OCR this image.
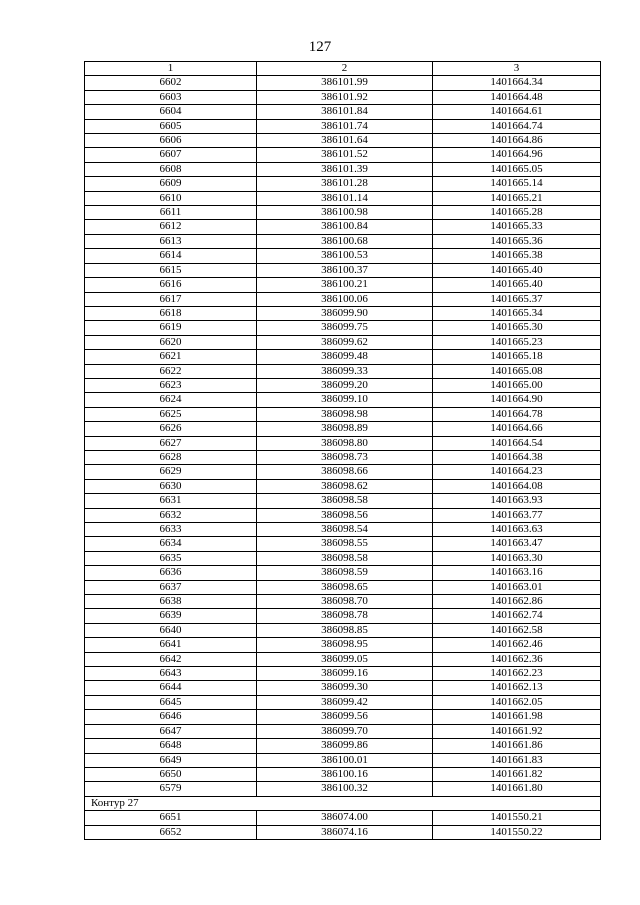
127
1	2	3
6602	386101.99	1401664.34
6603	386101.92	1401664.48
6604	386101.84	1401664.61
6605	386101.74	1401664.74
6606	386101.64	1401664.86
6607	386101.52	1401664.96
6608	386101.39	1401665.05
6609	386101.28	1401665.14
6610	386101.14	1401665.21
6611	386100.98	1401665.28
6612	386100.84	1401665.33
6613	386100.68	1401665.36
6614	386100.53	1401665.38
6615	386100.37	1401665.40
6616	386100.21	1401665.40
6617	386100.06	1401665.37
6618	386099.90	1401665.34
6619	386099.75	1401665.30
6620	386099.62	1401665.23
6621	386099.48	1401665.18
6622	386099.33	1401665.08
6623	386099.20	1401665.00
6624	386099.10	1401664.90
6625	386098.98	1401664.78
6626	386098.89	1401664.66
6627	386098.80	1401664.54
6628	386098.73	1401664.38
6629	386098.66	1401664.23
6630	386098.62	1401664.08
6631	386098.58	1401663.93
6632	386098.56	1401663.77
6633	386098.54	1401663.63
6634	386098.55	1401663.47
6635	386098.58	1401663.30
6636	386098.59	1401663.16
6637	386098.65	1401663.01
6638	386098.70	1401662.86
6639	386098.78	1401662.74
6640	386098.85	1401662.58
6641	386098.95	1401662.46
6642	386099.05	1401662.36
6643	386099.16	1401662.23
6644	386099.30	1401662.13
6645	386099.42	1401662.05
6646	386099.56	1401661.98
6647	386099.70	1401661.92
6648	386099.86	1401661.86
6649	386100.01	1401661.83
6650	386100.16	1401661.82
6579	386100.32	1401661.80
Контур 27		
6651	386074.00	1401550.21
6652	386074.16	1401550.22
